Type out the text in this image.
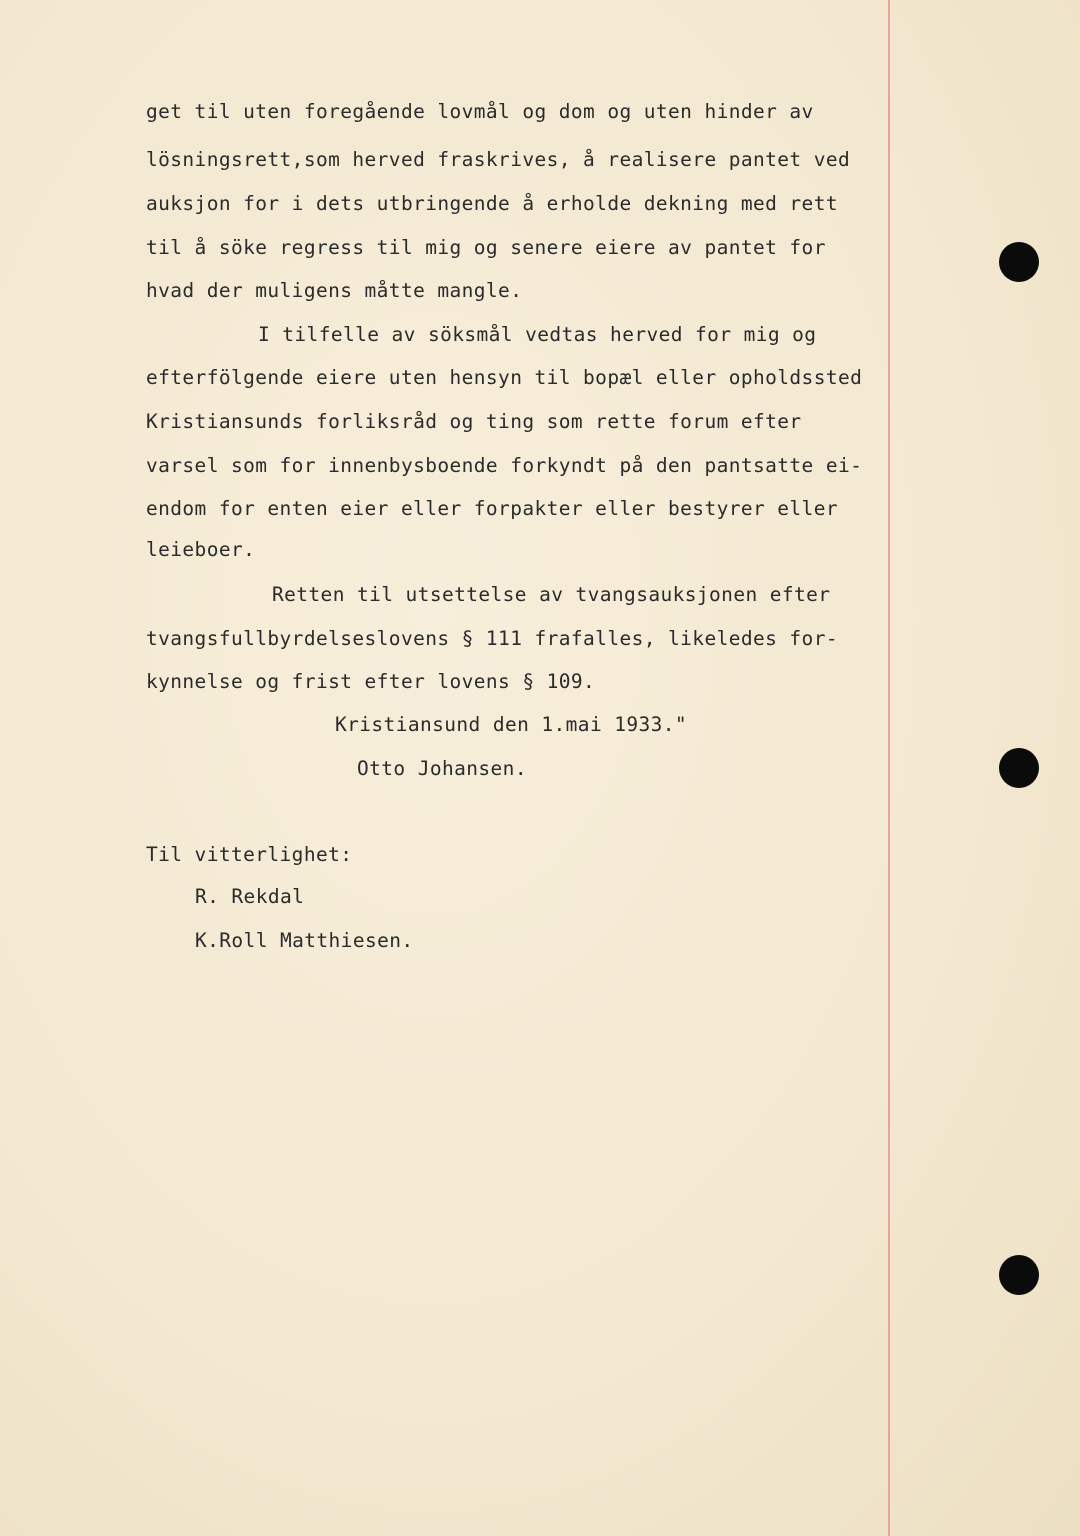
get til uten foregående lovmål og dom og uten hinder av
lösningsrett,som herved fraskrives, å realisere pantet ved
auksjon for i dets utbringende å erholde dekning med rett
til å söke regress til mig og senere eiere av pantet for
hvad der muligens måtte mangle.
I tilfelle av söksmål vedtas herved for mig og
efterfölgende eiere uten hensyn til bopæl eller opholdssted
Kristiansunds forliksråd og ting som rette forum efter
varsel som for innenbysboende forkyndt på den pantsatte ei-
endom for enten eier eller forpakter eller bestyrer eller
leieboer.
Retten til utsettelse av tvangsauksjonen efter
tvangsfullbyrdelseslovens § 111 frafalles, likeledes for-
kynnelse og frist efter lovens § 109.
Kristiansund den 1.mai 1933."
Otto Johansen.
Til vitterlighet:
R. Rekdal
K.Roll Matthiesen.
